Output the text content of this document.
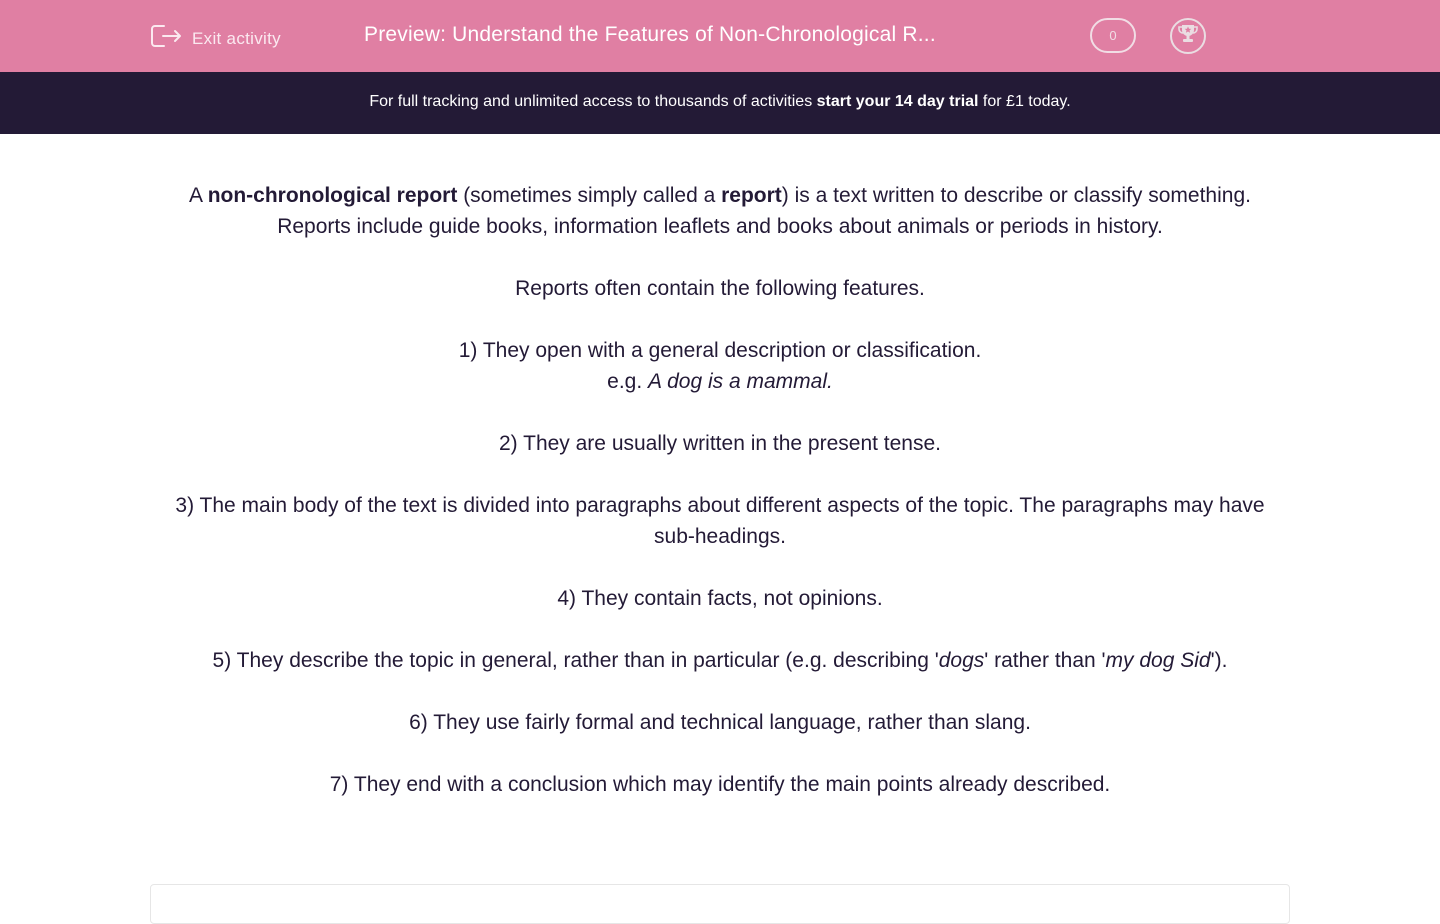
Exit activity	Preview: Understand the Features of Non-Chronological R...	0
For full tracking and unlimited access to thousands of activities start your 14 day trial for £1 today.

A non-chronological report (sometimes simply called a report) is a text written to describe or classify something. Reports include guide books, information leaflets and books about animals or periods in history.

Reports often contain the following features.

1) They open with a general description or classification.
e.g. A dog is a mammal.

2) They are usually written in the present tense.

3) The main body of the text is divided into paragraphs about different aspects of the topic. The paragraphs may have sub-headings.

4) They contain facts, not opinions.

5) They describe the topic in general, rather than in particular (e.g. describing 'dogs' rather than 'my dog Sid').

6) They use fairly formal and technical language, rather than slang.

7) They end with a conclusion which may identify the main points already described.
